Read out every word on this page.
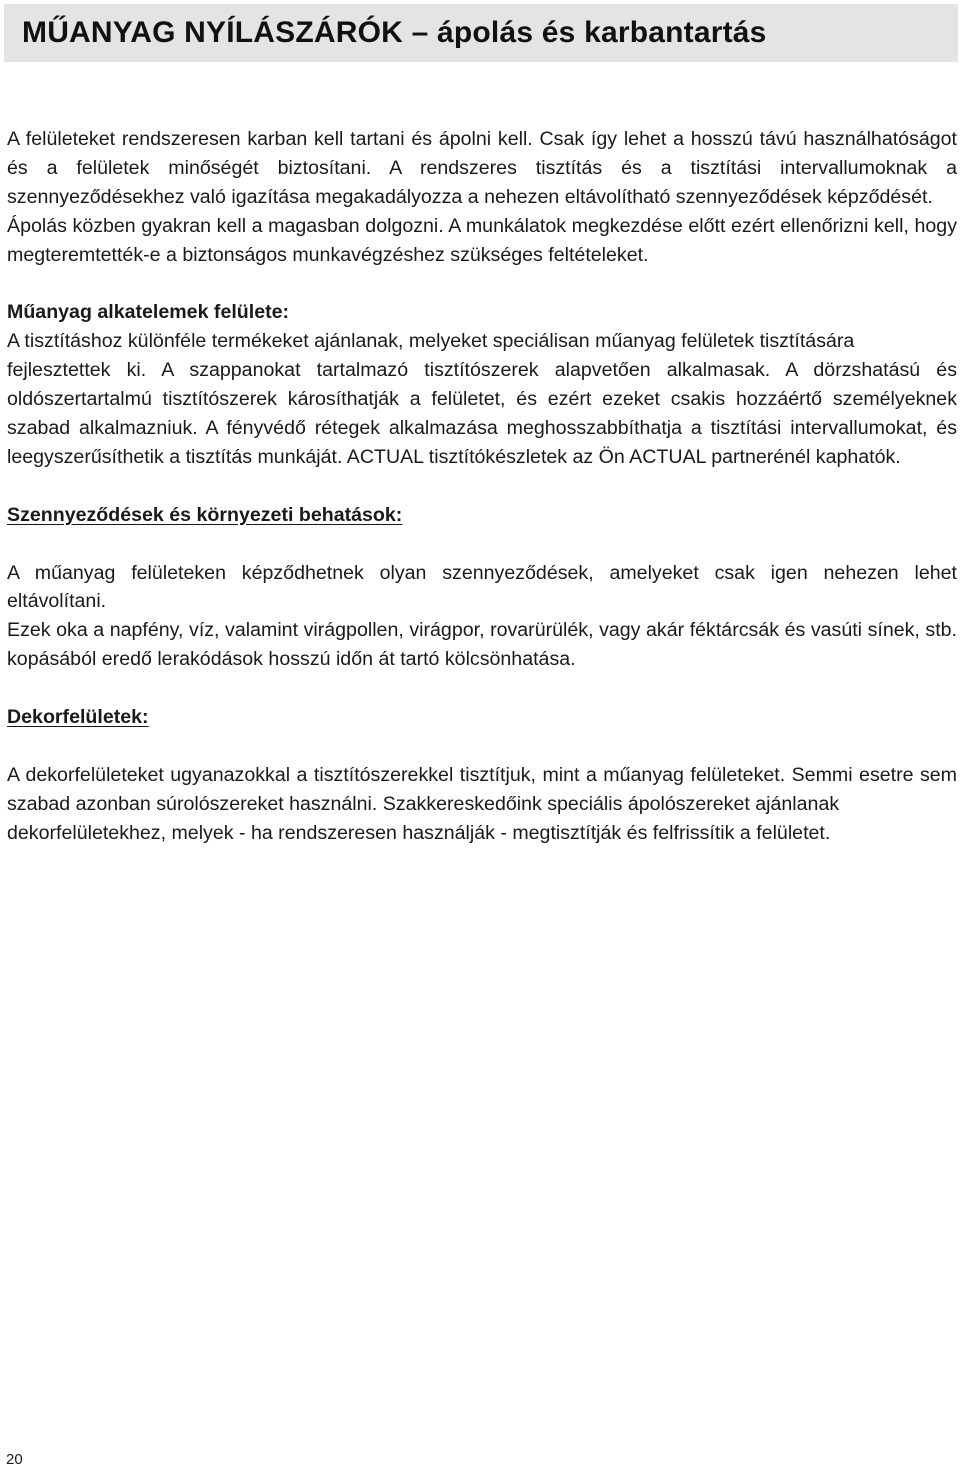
MŰANYAG NYÍLÁSZÁRÓK – ápolás és karbantartás

A felületeket rendszeresen karban kell tartani és ápolni kell. Csak így lehet a hosszú távú használhatóságot és a felületek minőségét biztosítani. A rendszeres tisztítás és a tisztítási intervallumoknak a szennyeződésekhez való igazítása megakadályozza a nehezen eltávolítható szennyeződések képződését.

Ápolás közben gyakran kell a magasban dolgozni. A munkálatok megkezdése előtt ezért ellenőrizni kell, hogy megteremtették-e a biztonságos munkavégzéshez szükséges feltételeket.

Műanyag alkatelemek felülete:

A tisztításhoz különféle termékeket ajánlanak, melyeket speciálisan műanyag felületek tisztítására

fejlesztettek ki. A szappanokat tartalmazó tisztítószerek alapvetően alkalmasak. A dörzshatású és oldószertartalmú tisztítószerek károsíthatják a felületet, és ezért ezeket csakis hozzáértő személyeknek szabad alkalmazniuk. A fényvédő rétegek alkalmazása meghosszabbíthatja a tisztítási intervallumokat, és leegyszerűsíthetik a tisztítás munkáját. ACTUAL tisztítókészletek az Ön ACTUAL partnerénél kaphatók.

Szennyeződések és környezeti behatások:

A műanyag felületeken képződhetnek olyan szennyeződések, amelyeket csak igen nehezen lehet eltávolítani.

Ezek oka a napfény, víz, valamint virágpollen, virágpor, rovarürülék, vagy akár féktárcsák és vasúti sínek, stb. kopásából eredő lerakódások hosszú időn át tartó kölcsönhatása.

Dekorfelületek:

A dekorfelületeket ugyanazokkal a tisztítószerekkel tisztítjuk, mint a műanyag felületeket. Semmi esetre sem szabad azonban súrolószereket használni. Szakkereskedőink speciális ápolószereket ajánlanak

dekorfelületekhez, melyek - ha rendszeresen használják - megtisztítják és felfrissítik a felületet.

20
